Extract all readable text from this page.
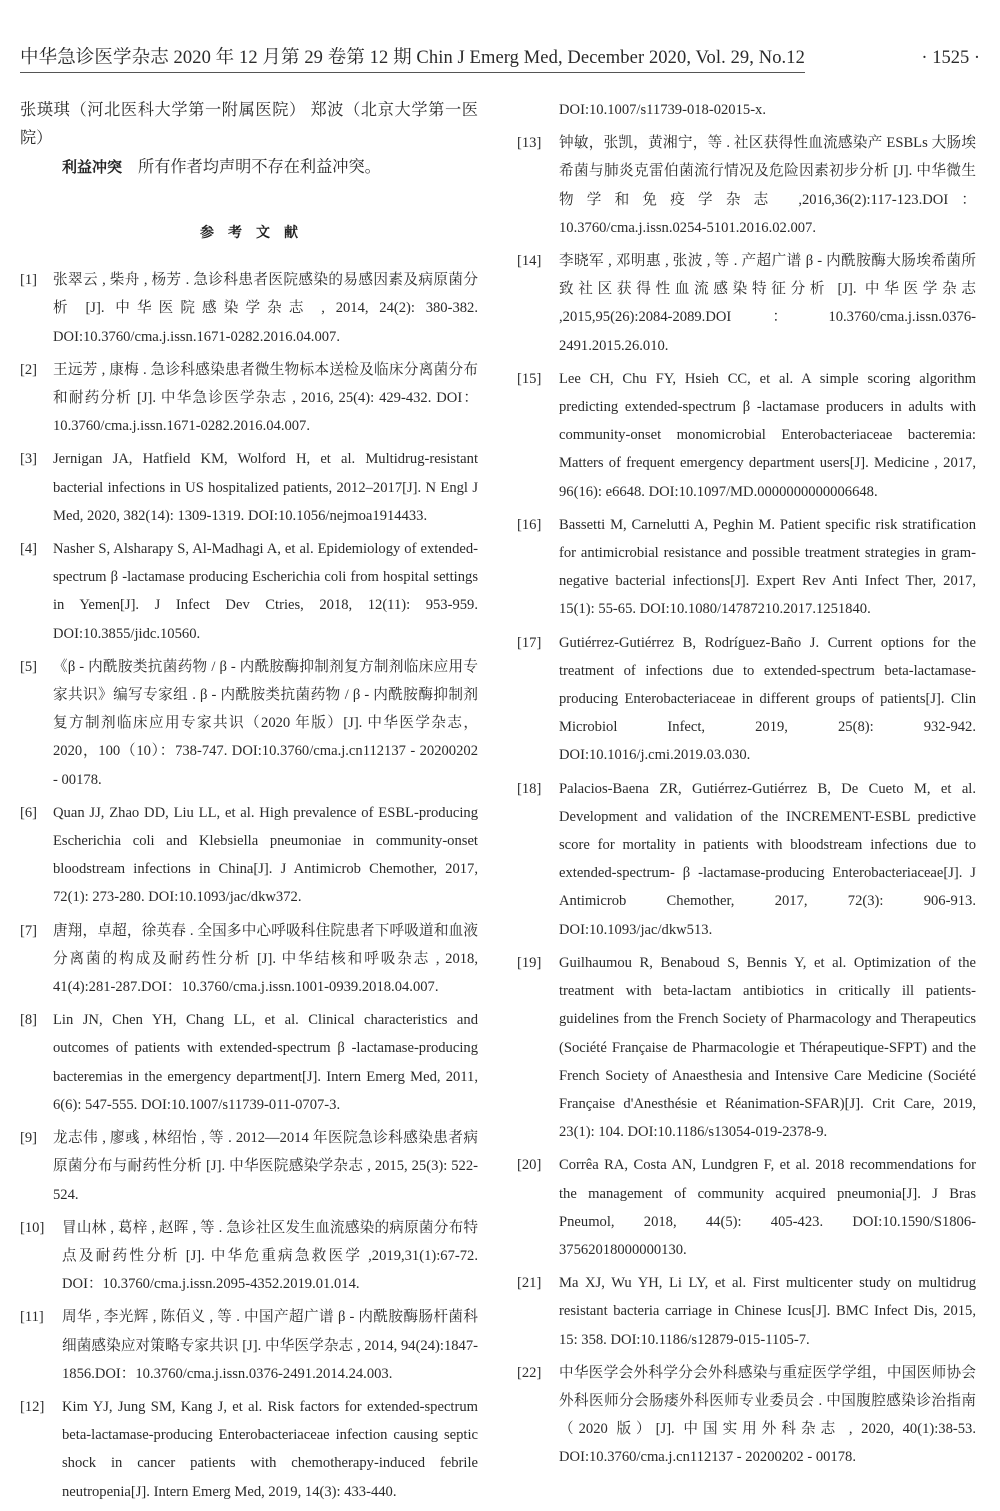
中华急诊医学杂志 2020 年 12 月第 29 卷第 12 期 Chin J Emerg Med, December 2020, Vol. 29, No.12	· 1525 ·
张瑛琪（河北医科大学第一附属医院） 郑波（北京大学第一医院）
利益冲突 所有作者均声明不存在利益冲突。
参考文献
[1]	张翠云 , 柴舟 , 杨芳 . 急诊科患者医院感染的易感因素及病原菌分析 [J]. 中华医院感染学杂志 , 2014, 24(2): 380-382. DOI:10.3760/cma.j.issn.1671-0282.2016.04.007.
[2]	王远芳 , 康梅 . 急诊科感染患者微生物标本送检及临床分离菌分布和耐药分析 [J]. 中华急诊医学杂志 , 2016, 25(4): 429-432. DOI：10.3760/cma.j.issn.1671-0282.2016.04.007.
[3]	Jernigan JA, Hatfield KM, Wolford H, et al. Multidrug-resistant bacterial infections in US hospitalized patients, 2012–2017[J]. N Engl J Med, 2020, 382(14): 1309-1319. DOI:10.1056/nejmoa1914433.
[4]	Nasher S, Alsharapy S, Al-Madhagi A, et al. Epidemiology of extended-spectrum β -lactamase producing Escherichia coli from hospital settings in Yemen[J]. J Infect Dev Ctries, 2018, 12(11): 953-959. DOI:10.3855/jidc.10560.
[5]	《β - 内酰胺类抗菌药物 / β - 内酰胺酶抑制剂复方制剂临床应用专家共识》编写专家组 . β - 内酰胺类抗菌药物 / β - 内酰胺酶抑制剂复方制剂临床应用专家共识（2020 年版）[J]. 中华医学杂志，2020，100（10）：738-747. DOI:10.3760/cma.j.cn112137 - 20200202 - 00178.
[6]	Quan JJ, Zhao DD, Liu LL, et al. High prevalence of ESBL-producing Escherichia coli and Klebsiella pneumoniae in community-onset bloodstream infections in China[J]. J Antimicrob Chemother, 2017, 72(1): 273-280. DOI:10.1093/jac/dkw372.
[7]	唐翔，卓超，徐英春 . 全国多中心呼吸科住院患者下呼吸道和血液分离菌的构成及耐药性分析 [J]. 中华结核和呼吸杂志 , 2018, 41(4):281-287.DOI：10.3760/cma.j.issn.1001-0939.2018.04.007.
[8]	Lin JN, Chen YH, Chang LL, et al. Clinical characteristics and outcomes of patients with extended-spectrum β -lactamase-producing bacteremias in the emergency department[J]. Intern Emerg Med, 2011, 6(6): 547-555. DOI:10.1007/s11739-011-0707-3.
[9]	龙志伟 , 廖彧 , 林绍怡 , 等 . 2012—2014 年医院急诊科感染患者病原菌分布与耐药性分析 [J]. 中华医院感染学杂志 , 2015, 25(3): 522-524.
[10]	冒山林 , 葛梓 , 赵晖 , 等 . 急诊社区发生血流感染的病原菌分布特点及耐药性分析 [J]. 中华危重病急救医学 ,2019,31(1):67-72. DOI：10.3760/cma.j.issn.2095-4352.2019.01.014.
[11]	周华 , 李光辉 , 陈佰义 , 等 . 中国产超广谱 β - 内酰胺酶肠杆菌科细菌感染应对策略专家共识 [J]. 中华医学杂志 , 2014, 94(24):1847-1856.DOI：10.3760/cma.j.issn.0376-2491.2014.24.003.
[12]	Kim YJ, Jung SM, Kang J, et al. Risk factors for extended-spectrum beta-lactamase-producing Enterobacteriaceae infection causing septic shock in cancer patients with chemotherapy-induced febrile neutropenia[J]. Intern Emerg Med, 2019, 14(3): 433-440.
DOI:10.1007/s11739-018-02015-x.
[13]	钟敏，张凯，黄湘宁，等 . 社区获得性血流感染产 ESBLs 大肠埃希菌与肺炎克雷伯菌流行情况及危险因素初步分析 [J]. 中华微生物学和免疫学杂志 ,2016,36(2):117-123.DOI：10.3760/cma.j.issn.0254-5101.2016.02.007.
[14]	李晓军 , 邓明惠 , 张波 , 等 . 产超广谱 β - 内酰胺酶大肠埃希菌所致社区获得性血流感染特征分析 [J]. 中华医学杂志 ,2015,95(26):2084-2089.DOI：10.3760/cma.j.issn.0376-2491.2015.26.010.
[15]	Lee CH, Chu FY, Hsieh CC, et al. A simple scoring algorithm predicting extended-spectrum β -lactamase producers in adults with community-onset monomicrobial Enterobacteriaceae bacteremia: Matters of frequent emergency department users[J]. Medicine , 2017, 96(16): e6648. DOI:10.1097/MD.0000000000006648.
[16]	Bassetti M, Carnelutti A, Peghin M. Patient specific risk stratification for antimicrobial resistance and possible treatment strategies in gram-negative bacterial infections[J]. Expert Rev Anti Infect Ther, 2017, 15(1): 55-65. DOI:10.1080/14787210.2017.1251840.
[17]	Gutiérrez-Gutiérrez B, Rodríguez-Baño J. Current options for the treatment of infections due to extended-spectrum beta-lactamase-producing Enterobacteriaceae in different groups of patients[J]. Clin Microbiol Infect, 2019, 25(8): 932-942. DOI:10.1016/j.cmi.2019.03.030.
[18]	Palacios-Baena ZR, Gutiérrez-Gutiérrez B, De Cueto M, et al. Development and validation of the INCREMENT-ESBL predictive score for mortality in patients with bloodstream infections due to extended-spectrum- β -lactamase-producing Enterobacteriaceae[J]. J Antimicrob Chemother, 2017, 72(3): 906-913. DOI:10.1093/jac/dkw513.
[19]	Guilhaumou R, Benaboud S, Bennis Y, et al. Optimization of the treatment with beta-lactam antibiotics in critically ill patients-guidelines from the French Society of Pharmacology and Therapeutics (Société Française de Pharmacologie et Thérapeutique-SFPT) and the French Society of Anaesthesia and Intensive Care Medicine (Société Française d'Anesthésie et Réanimation-SFAR)[J]. Crit Care, 2019, 23(1): 104. DOI:10.1186/s13054-019-2378-9.
[20]	Corrêa RA, Costa AN, Lundgren F, et al. 2018 recommendations for the management of community acquired pneumonia[J]. J Bras Pneumol, 2018, 44(5): 405-423. DOI:10.1590/S1806-37562018000000130.
[21]	Ma XJ, Wu YH, Li LY, et al. First multicenter study on multidrug resistant bacteria carriage in Chinese Icus[J]. BMC Infect Dis, 2015, 15: 358. DOI:10.1186/s12879-015-1105-7.
[22]	中华医学会外科学分会外科感染与重症医学学组，中国医师协会外科医师分会肠瘘外科医师专业委员会 . 中国腹腔感染诊治指南（2020 版）[J]. 中国实用外科杂志 , 2020, 40(1):38-53. DOI:10.3760/cma.j.cn112137 - 20200202 - 00178.
